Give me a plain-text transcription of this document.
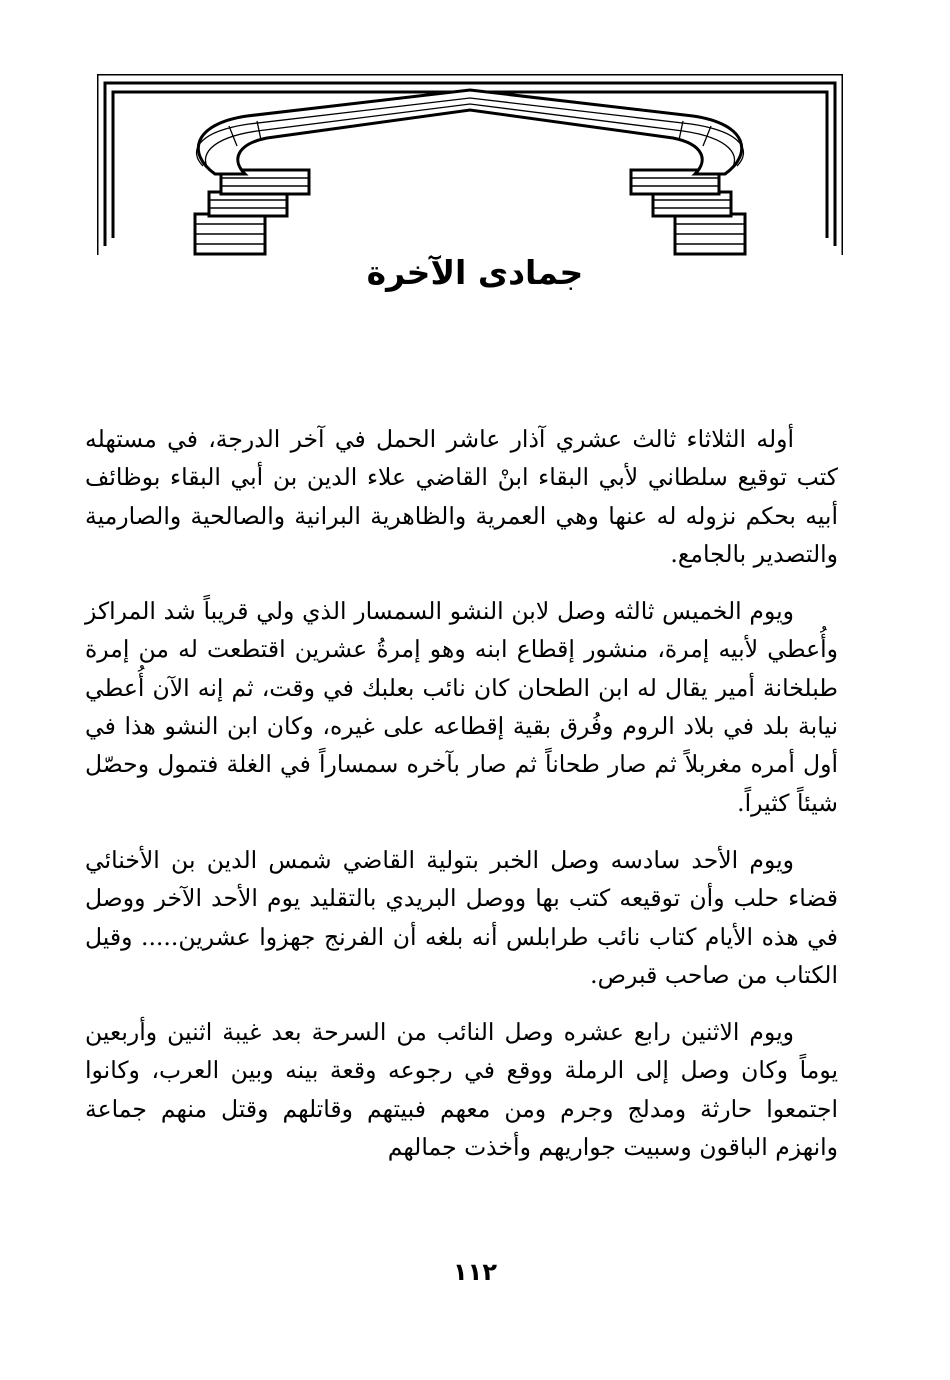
جمادى الآخرة

أوله الثلاثاء ثالث عشري آذار عاشر الحمل في آخر الدرجة، في مستهله كتب توقيع سلطاني لأبي البقاء ابنْ القاضي علاء الدين بن أبي البقاء بوظائف أبيه بحكم نزوله له عنها وهي العمرية والظاهرية البرانية والصالحية والصارمية والتصدير بالجامع.

ويوم الخميس ثالثه وصل لابن النشو السمسار الذي ولي قريباً شد المراكز وأُعطي لأبيه إمرة، منشور إقطاع ابنه وهو إمرةُ عشرين اقتطعت له من إمرة طبلخانة أمير يقال له ابن الطحان كان نائب بعلبك في وقت، ثم إنه الآن أُعطي نيابة بلد في بلاد الروم وفُرق بقية إقطاعه على غيره، وكان ابن النشو هذا في أول أمره مغربلاً ثم صار طحاناً ثم صار بآخره سمساراً في الغلة فتمول وحصّل شيئاً كثيراً.

ويوم الأحد سادسه وصل الخبر بتولية القاضي شمس الدين بن الأخنائي قضاء حلب وأن توقيعه كتب بها ووصل البريدي بالتقليد يوم الأحد الآخر ووصل في هذه الأيام كتاب نائب طرابلس أنه بلغه أن الفرنج جهزوا عشرين..... وقيل الكتاب من صاحب قبرص.

ويوم الاثنين رابع عشره وصل النائب من السرحة بعد غيبة اثنين وأربعين يوماً وكان وصل إلى الرملة ووقع في رجوعه وقعة بينه وبين العرب، وكانوا اجتمعوا حارثة ومدلج وجرم ومن معهم فبيتهم وقاتلهم وقتل منهم جماعة وانهزم الباقون وسبيت جواريهم وأخذت جمالهم

١١٢
